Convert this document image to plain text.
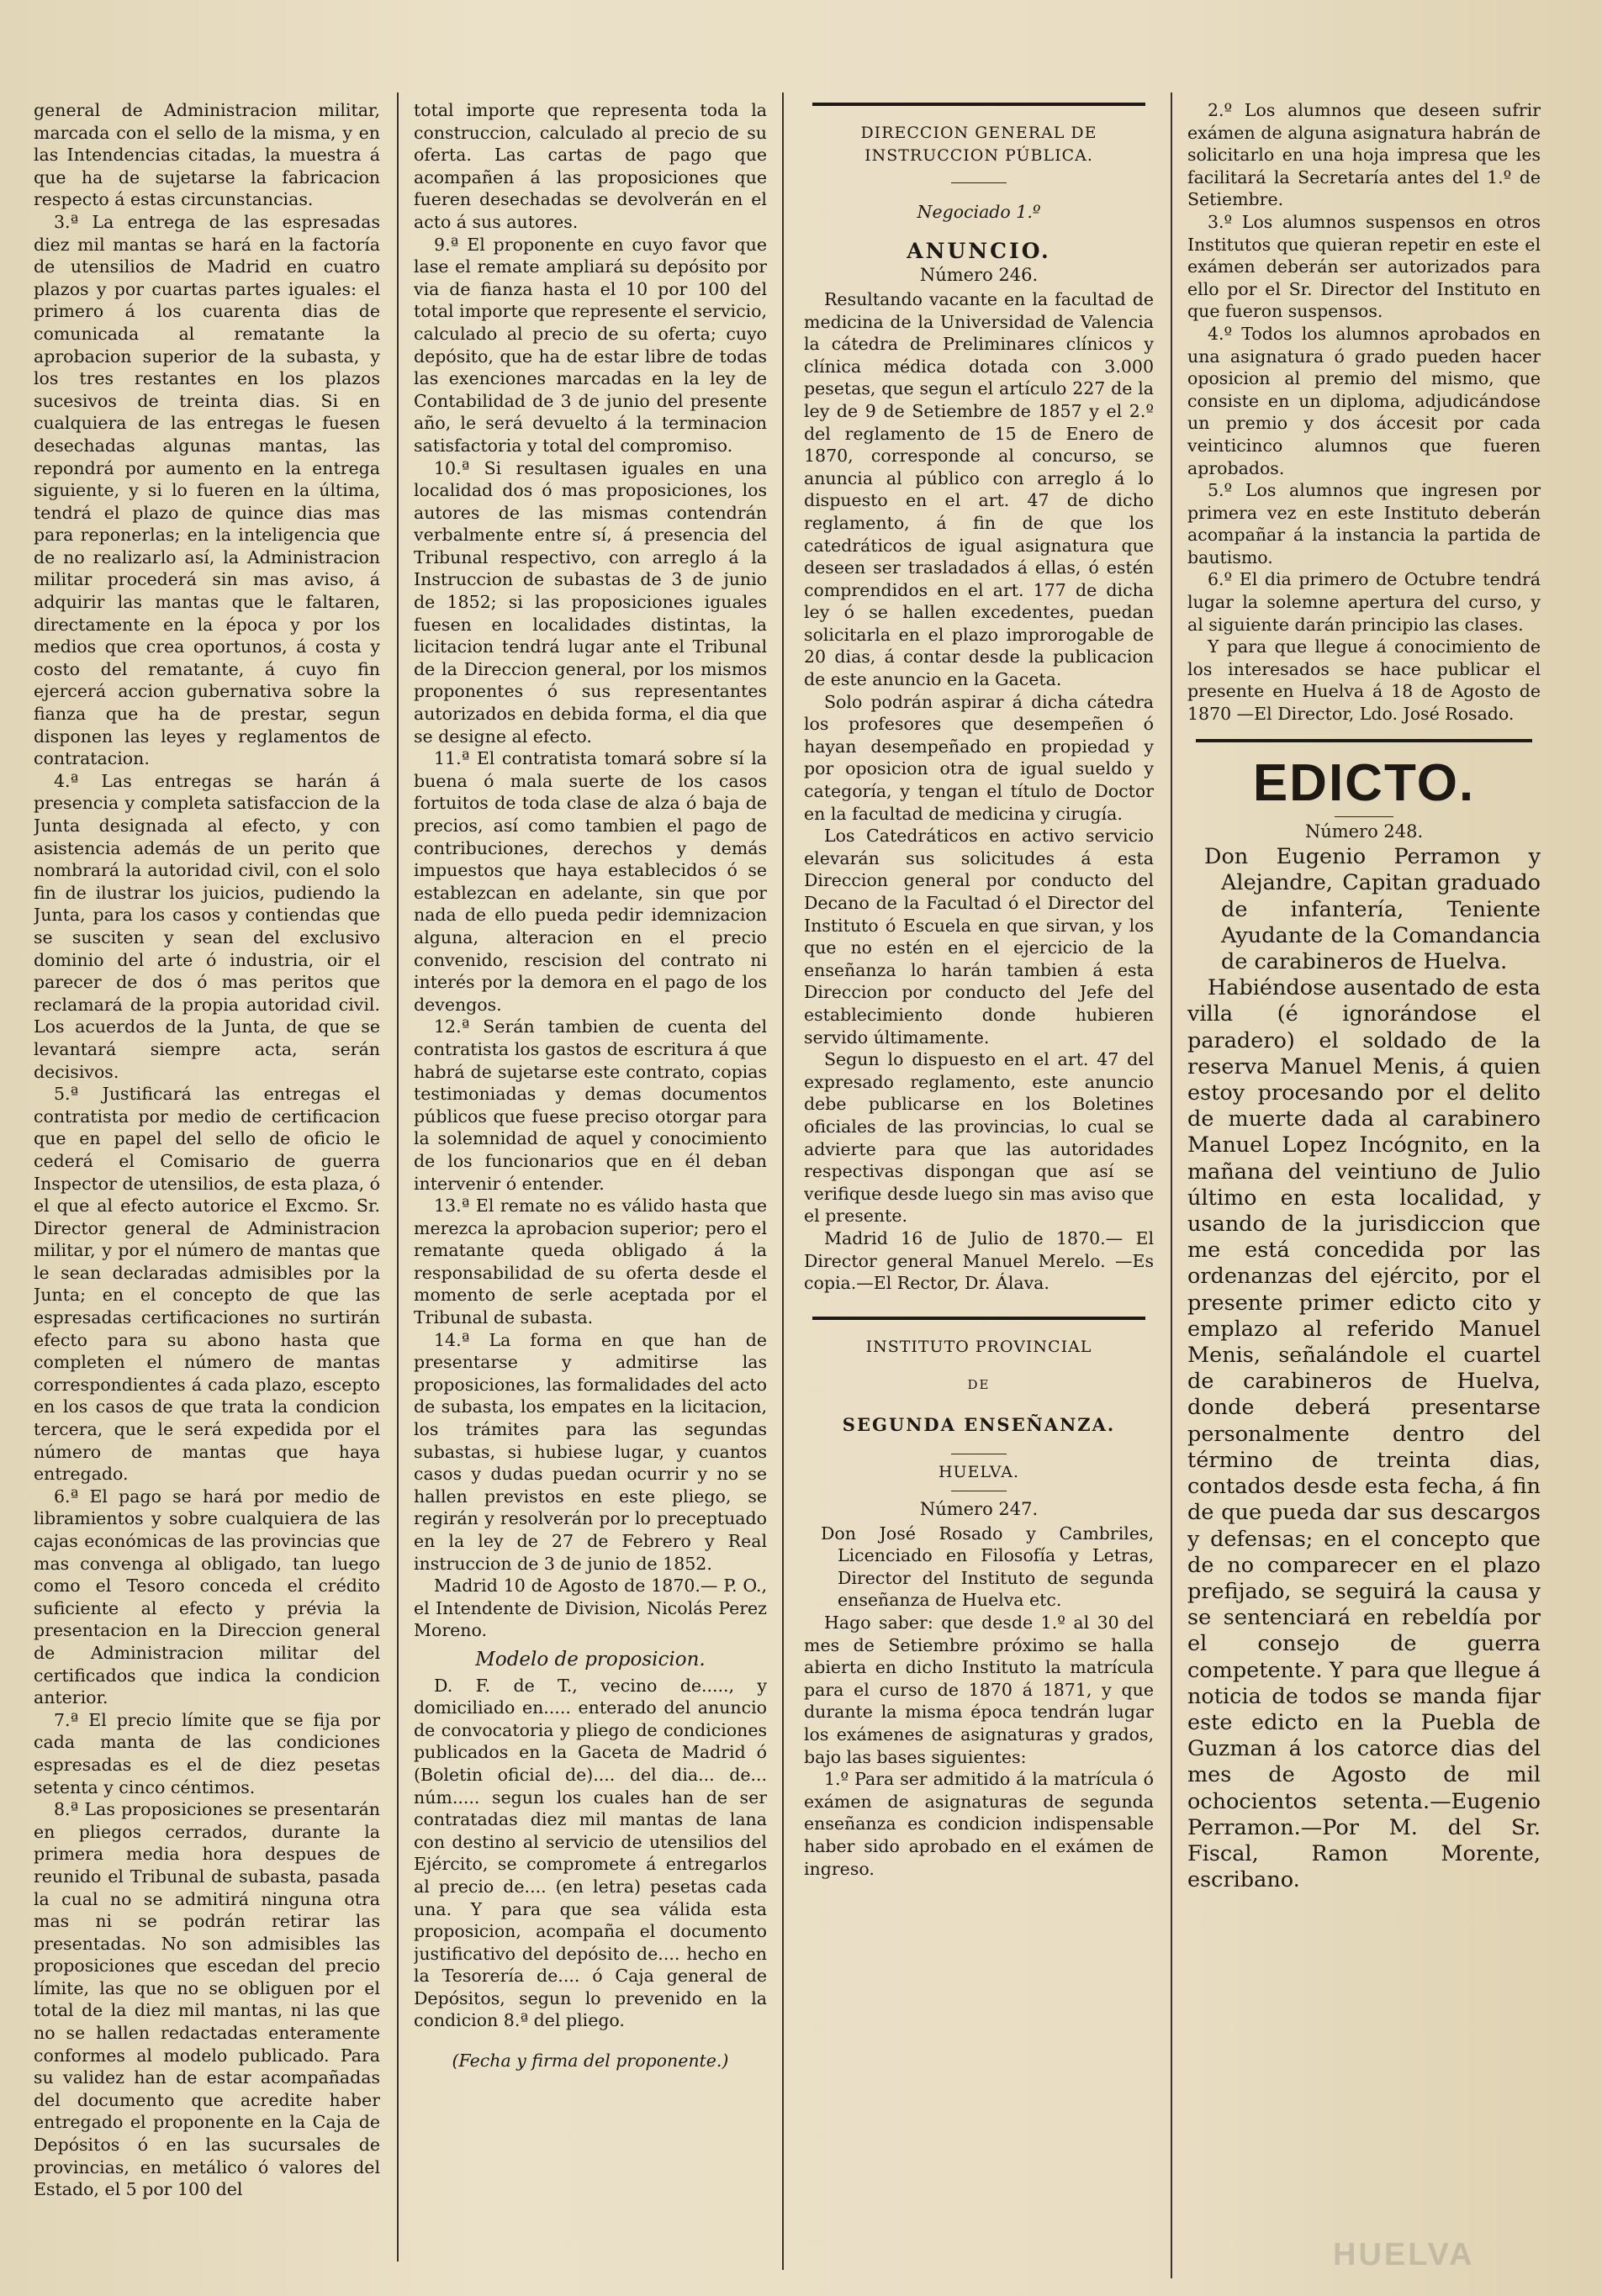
general de Administracion militar, marcada con el sello de la misma, y en las Intendencias citadas, la muestra á que ha de sujetarse la fabricacion respecto á estas circunstancias.

3.ª La entrega de las espresadas diez mil mantas se hará en la factoría de utensilios de Madrid en cuatro plazos y por cuartas partes iguales: el primero á los cuarenta dias de comunicada al rematante la aprobacion superior de la subasta, y los tres restantes en los plazos sucesivos de treinta dias. Si en cualquiera de las entregas le fuesen desechadas algunas mantas, las repondrá por aumento en la entrega siguiente, y si lo fueren en la última, tendrá el plazo de quince dias mas para reponerlas; en la inteligencia que de no realizarlo así, la Administracion militar procederá sin mas aviso, á adquirir las mantas que le faltaren, directamente en la época y por los medios que crea oportunos, á costa y costo del rematante, á cuyo fin ejercerá accion gubernativa sobre la fianza que ha de prestar, segun disponen las leyes y reglamentos de contratacion.

4.ª Las entregas se harán á presencia y completa satisfaccion de la Junta designada al efecto, y con asistencia además de un perito que nombrará la autoridad civil, con el solo fin de ilustrar los juicios, pudiendo la Junta, para los casos y contiendas que se susciten y sean del exclusivo dominio del arte ó industria, oir el parecer de dos ó mas peritos que reclamará de la propia autoridad civil. Los acuerdos de la Junta, de que se levantará siempre acta, serán decisivos.

5.ª Justificará las entregas el contratista por medio de certificacion que en papel del sello de oficio le cederá el Comisario de guerra Inspector de utensilios, de esta plaza, ó el que al efecto autorice el Excmo. Sr. Director general de Administracion militar, y por el número de mantas que le sean declaradas admisibles por la Junta; en el concepto de que las espresadas certificaciones no surtirán efecto para su abono hasta que completen el número de mantas correspondientes á cada plazo, escepto en los casos de que trata la condicion tercera, que le será expedida por el número de mantas que haya entregado.

6.ª El pago se hará por medio de libramientos y sobre cualquiera de las cajas económicas de las provincias que mas convenga al obligado, tan luego como el Tesoro conceda el crédito suficiente al efecto y prévia la presentacion en la Direccion general de Administracion militar del certificados que indica la condicion anterior.

7.ª El precio límite que se fija por cada manta de las condiciones espresadas es el de diez pesetas setenta y cinco céntimos.

8.ª Las proposiciones se presentarán en pliegos cerrados, durante la primera media hora despues de reunido el Tribunal de subasta, pasada la cual no se admitirá ninguna otra mas ni se podrán retirar las presentadas. No son admisibles las proposiciones que escedan del precio límite, las que no se obliguen por el total de la diez mil mantas, ni las que no se hallen redactadas enteramente conformes al modelo publicado. Para su validez han de estar acompañadas del documento que acredite haber entregado el proponente en la Caja de Depósitos ó en las sucursales de provincias, en metálico ó valores del Estado, el 5 por 100 del

total importe que representa toda la construccion, calculado al precio de su oferta. Las cartas de pago que acompañen á las proposiciones que fueren desechadas se devolverán en el acto á sus autores.

9.ª El proponente en cuyo favor que lase el remate ampliará su depósito por via de fianza hasta el 10 por 100 del total importe que represente el servicio, calculado al precio de su oferta; cuyo depósito, que ha de estar libre de todas las exenciones marcadas en la ley de Contabilidad de 3 de junio del presente año, le será devuelto á la terminacion satisfactoria y total del compromiso.

10.ª Si resultasen iguales en una localidad dos ó mas proposiciones, los autores de las mismas contendrán verbalmente entre sí, á presencia del Tribunal respectivo, con arreglo á la Instruccion de subastas de 3 de junio de 1852; si las proposiciones iguales fuesen en localidades distintas, la licitacion tendrá lugar ante el Tribunal de la Direccion general, por los mismos proponentes ó sus representantes autorizados en debida forma, el dia que se designe al efecto.

11.ª El contratista tomará sobre sí la buena ó mala suerte de los casos fortuitos de toda clase de alza ó baja de precios, así como tambien el pago de contribuciones, derechos y demás impuestos que haya establecidos ó se establezcan en adelante, sin que por nada de ello pueda pedir idemnizacion alguna, alteracion en el precio convenido, rescision del contrato ni interés por la demora en el pago de los devengos.

12.ª Serán tambien de cuenta del contratista los gastos de escritura á que habrá de sujetarse este contrato, copias testimoniadas y demas documentos públicos que fuese preciso otorgar para la solemnidad de aquel y conocimiento de los funcionarios que en él deban intervenir ó entender.

13.ª El remate no es válido hasta que merezca la aprobacion superior; pero el rematante queda obligado á la responsabilidad de su oferta desde el momento de serle aceptada por el Tribunal de subasta.

14.ª La forma en que han de presentarse y admitirse las proposiciones, las formalidades del acto de subasta, los empates en la licitacion, los trámites para las segundas subastas, si hubiese lugar, y cuantos casos y dudas puedan ocurrir y no se hallen previstos en este pliego, se regirán y resolverán por lo preceptuado en la ley de 27 de Febrero y Real instruccion de 3 de junio de 1852.

Madrid 10 de Agosto de 1870.— P. O., el Intendente de Division, Nicolás Perez Moreno.

Modelo de proposicion.

D. F. de T., vecino de....., y domiciliado en..... enterado del anuncio de convocatoria y pliego de condiciones publicados en la Gaceta de Madrid ó (Boletin oficial de).... del dia... de... núm..... segun los cuales han de ser contratadas diez mil mantas de lana con destino al servicio de utensilios del Ejército, se compromete á entregarlos al precio de.... (en letra) pesetas cada una. Y para que sea válida esta proposicion, acompaña el documento justificativo del depósito de.... hecho en la Tesorería de.... ó Caja general de Depósitos, segun lo prevenido en la condicion 8.ª del pliego.

(Fecha y firma del proponente.)

DIRECCION GENERAL DE INSTRUCCION PÚBLICA.

Negociado 1.º

ANUNCIO.

Número 246.

Resultando vacante en la facultad de medicina de la Universidad de Valencia la cátedra de Preliminares clínicos y clínica médica dotada con 3.000 pesetas, que segun el artículo 227 de la ley de 9 de Setiembre de 1857 y el 2.º del reglamento de 15 de Enero de 1870, corresponde al concurso, se anuncia al público con arreglo á lo dispuesto en el art. 47 de dicho reglamento, á fin de que los catedráticos de igual asignatura que deseen ser trasladados á ellas, ó estén comprendidos en el art. 177 de dicha ley ó se hallen excedentes, puedan solicitarla en el plazo improrogable de 20 dias, á contar desde la publicacion de este anuncio en la Gaceta.

Solo podrán aspirar á dicha cátedra los profesores que desempeñen ó hayan desempeñado en propiedad y por oposicion otra de igual sueldo y categoría, y tengan el título de Doctor en la facultad de medicina y cirugía.

Los Catedráticos en activo servicio elevarán sus solicitudes á esta Direccion general por conducto del Decano de la Facultad ó el Director del Instituto ó Escuela en que sirvan, y los que no estén en el ejercicio de la enseñanza lo harán tambien á esta Direccion por conducto del Jefe del establecimiento donde hubieren servido últimamente.

Segun lo dispuesto en el art. 47 del expresado reglamento, este anuncio debe publicarse en los Boletines oficiales de las provincias, lo cual se advierte para que las autoridades respectivas dispongan que así se verifique desde luego sin mas aviso que el presente.

Madrid 16 de Julio de 1870.— El Director general Manuel Merelo. —Es copia.—El Rector, Dr. Álava.

INSTITUTO PROVINCIAL

DE

SEGUNDA ENSEÑANZA.

HUELVA.

Número 247.

Don José Rosado y Cambriles, Licenciado en Filosofía y Letras, Director del Instituto de segunda enseñanza de Huelva etc.

Hago saber: que desde 1.º al 30 del mes de Setiembre próximo se halla abierta en dicho Instituto la matrícula para el curso de 1870 á 1871, y que durante la misma época tendrán lugar los exámenes de asignaturas y grados, bajo las bases siguientes:

1.º Para ser admitido á la matrícula ó exámen de asignaturas de segunda enseñanza es condicion indispensable haber sido aprobado en el exámen de ingreso.

2.º Los alumnos que deseen sufrir exámen de alguna asignatura habrán de solicitarlo en una hoja impresa que les facilitará la Secretaría antes del 1.º de Setiembre.

3.º Los alumnos suspensos en otros Institutos que quieran repetir en este el exámen deberán ser autorizados para ello por el Sr. Director del Instituto en que fueron suspensos.

4.º Todos los alumnos aprobados en una asignatura ó grado pueden hacer oposicion al premio del mismo, que consiste en un diploma, adjudicándose un premio y dos áccesit por cada veinticinco alumnos que fueren aprobados.

5.º Los alumnos que ingresen por primera vez en este Instituto deberán acompañar á la instancia la partida de bautismo.

6.º El dia primero de Octubre tendrá lugar la solemne apertura del curso, y al siguiente darán principio las clases.

Y para que llegue á conocimiento de los interesados se hace publicar el presente en Huelva á 18 de Agosto de 1870 —El Director, Ldo. José Rosado.

EDICTO.

Número 248.

Don Eugenio Perramon y Alejandre, Capitan graduado de infantería, Teniente Ayudante de la Comandancia de carabineros de Huelva.

Habiéndose ausentado de esta villa (é ignorándose el paradero) el soldado de la reserva Manuel Menis, á quien estoy procesando por el delito de muerte dada al carabinero Manuel Lopez Incógnito, en la mañana del veintiuno de Julio último en esta localidad, y usando de la jurisdiccion que me está concedida por las ordenanzas del ejército, por el presente primer edicto cito y emplazo al referido Manuel Menis, señalándole el cuartel de carabineros de Huelva, donde deberá presentarse personalmente dentro del término de treinta dias, contados desde esta fecha, á fin de que pueda dar sus descargos y defensas; en el concepto que de no comparecer en el plazo prefijado, se seguirá la causa y se sentenciará en rebeldía por el consejo de guerra competente. Y para que llegue á noticia de todos se manda fijar este edicto en la Puebla de Guzman á los catorce dias del mes de Agosto de mil ochocientos setenta.—Eugenio Perramon.—Por M. del Sr. Fiscal, Ramon Morente, escribano.

HUELVA
